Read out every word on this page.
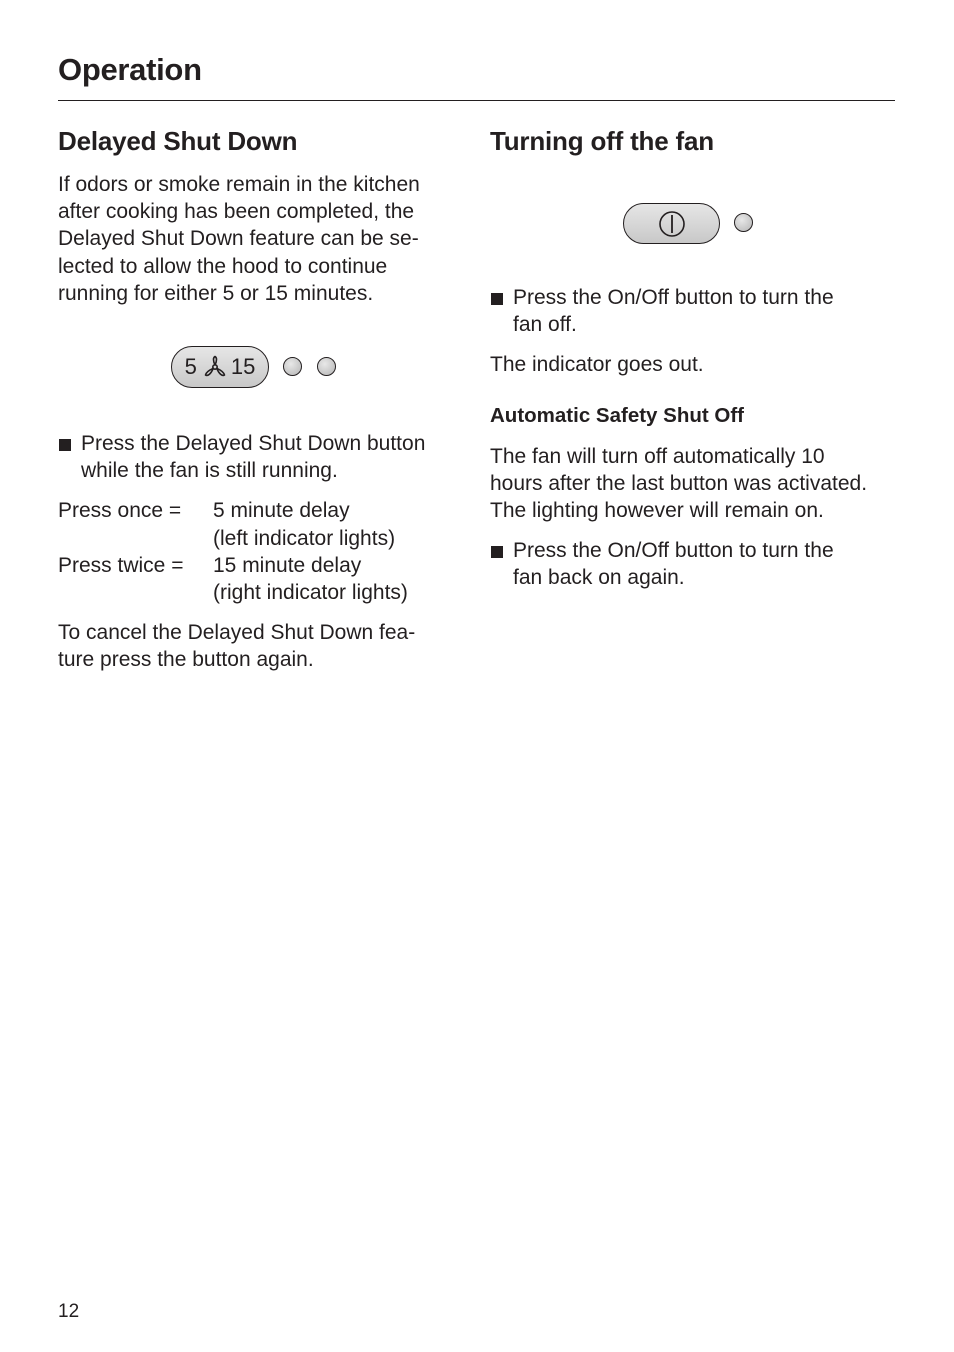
Operation
Delayed Shut Down

If odors or smoke remain in the kitchen
after cooking has been completed, the
Delayed Shut Down feature can be se-
lected to allow the hood to continue
running for either 5 or 15 minutes.

5 15
Press the Delayed Shut Down button
while the fan is still running.
Press once =	5 minute delay
(left indicator lights)
Press twice =	15 minute delay
(right indicator lights)

To cancel the Delayed Shut Down fea-
ture press the button again.

Turning off the fan
Press the On/Off button to turn the
fan off.

The indicator goes out.

Automatic Safety Shut Off

The fan will turn off automatically 10
hours after the last button was activated.
The lighting however will remain on.

Press the On/Off button to turn the
fan back on again.
12
